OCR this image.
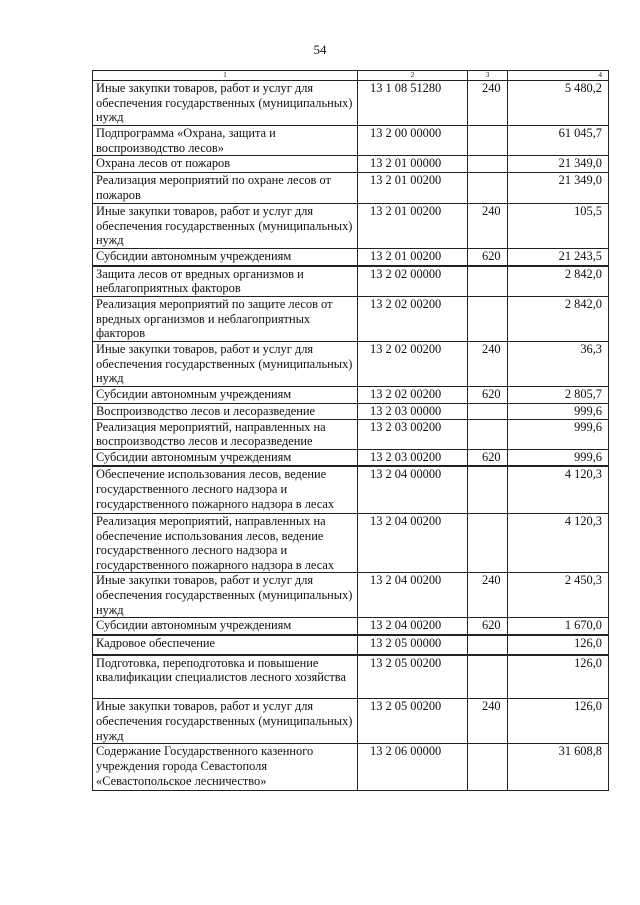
54
1	2	3	4
Иные закупки товаров, работ и услуг для обеспечения государственных (муниципальных) нужд	13 1 08 51280	240	5 480,2
Подпрограмма «Охрана, защита и воспроизводство лесов»	13 2 00 00000		61 045,7
Охрана лесов от пожаров	13 2 01 00000		21 349,0
Реализация мероприятий по охране лесов от пожаров	13 2 01 00200		21 349,0
Иные закупки товаров, работ и услуг для обеспечения государственных (муниципальных) нужд	13 2 01 00200	240	105,5
Субсидии автономным учреждениям	13 2 01 00200	620	21 243,5
Защита лесов от вредных организмов и неблагоприятных факторов	13 2 02 00000		2 842,0
Реализация мероприятий по защите лесов от вредных организмов и неблагоприятных факторов	13 2 02 00200		2 842,0
Иные закупки товаров, работ и услуг для обеспечения государственных (муниципальных) нужд	13 2 02 00200	240	36,3
Субсидии автономным учреждениям	13 2 02 00200	620	2 805,7
Воспроизводство лесов и лесоразведение	13 2 03 00000		999,6
Реализация мероприятий, направленных на воспроизводство лесов и лесоразведение	13 2 03 00200		999,6
Субсидии автономным учреждениям	13 2 03 00200	620	999,6
Обеспечение использования лесов, ведение государственного лесного надзора и государственного пожарного надзора в лесах	13 2 04 00000		4 120,3
Реализация мероприятий, направленных на обеспечение использования лесов, ведение государственного лесного надзора и государственного пожарного надзора в лесах	13 2 04 00200		4 120,3
Иные закупки товаров, работ и услуг для обеспечения государственных (муниципальных) нужд	13 2 04 00200	240	2 450,3
Субсидии автономным учреждениям	13 2 04 00200	620	1 670,0
Кадровое обеспечение	13 2 05 00000		126,0
Подготовка, переподготовка и повышение квалификации специалистов лесного хозяйства	13 2 05 00200		126,0
Иные закупки товаров, работ и услуг для обеспечения государственных (муниципальных) нужд	13 2 05 00200	240	126,0
Содержание Государственного казенного учреждения города Севастополя «Севастопольское лесничество»	13 2 06 00000		31 608,8
